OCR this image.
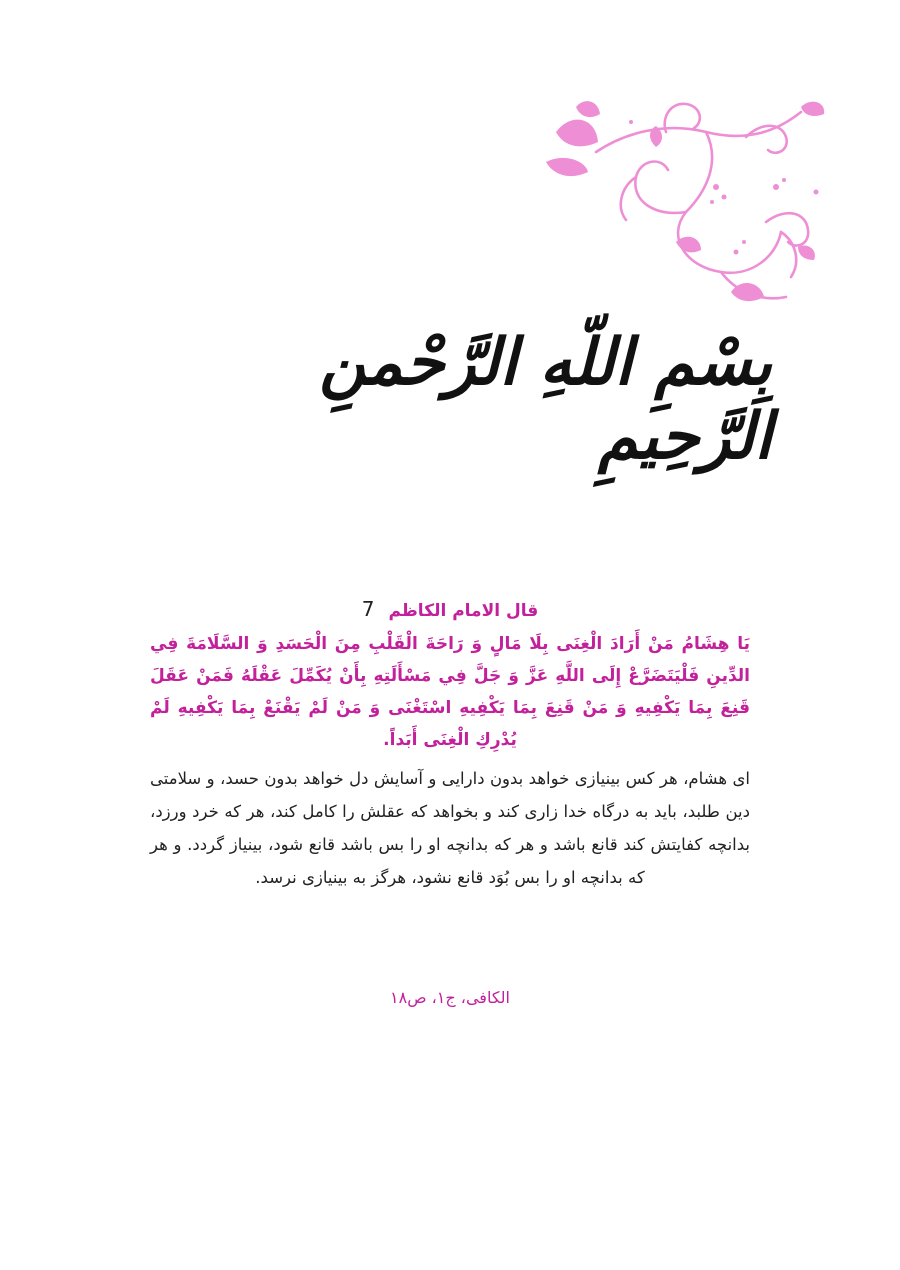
بِسْمِ اللّهِ الرَّحْمنِ الرَّحِيمِ
قال الامام الكاظم7
يَا هِشَامُ مَنْ أَرَادَ الْغِنَى بِلَا مَالٍ وَ رَاحَةَ الْقَلْبِ مِنَ الْحَسَدِ وَ السَّلَامَةَ فِي الدِّينِ فَلْيَتَضَرَّعْ إِلَى اللَّهِ عَزَّ وَ جَلَّ فِي مَسْأَلَتِهِ بِأَنْ يُكَمِّلَ عَقْلَهُ فَمَنْ عَقَلَ قَنِعَ بِمَا يَكْفِيهِ وَ مَنْ قَنِعَ بِمَا يَكْفِيهِ اسْتَغْنَى وَ مَنْ لَمْ يَقْنَعْ بِمَا يَكْفِيهِ لَمْ يُدْرِكِ الْغِنَى أَبَداً.
ای هشام، هر کس بینیازی خواهد بدون دارایی و آسایش دل خواهد بدون حسد، و سلامتی دین طلبد، باید به درگاه خدا زاری کند و بخواهد که عقلش را کامل کند، هر که خرد ورزد، بدانچه کفایتش کند قانع باشد و هر که بدانچه او را بس باشد قانع شود، بینیاز گردد. و هر که بدانچه او را بس بُوَد قانع نشود، هرگز به بینیازی نرسد.
الکافی، ج۱، ص۱۸
